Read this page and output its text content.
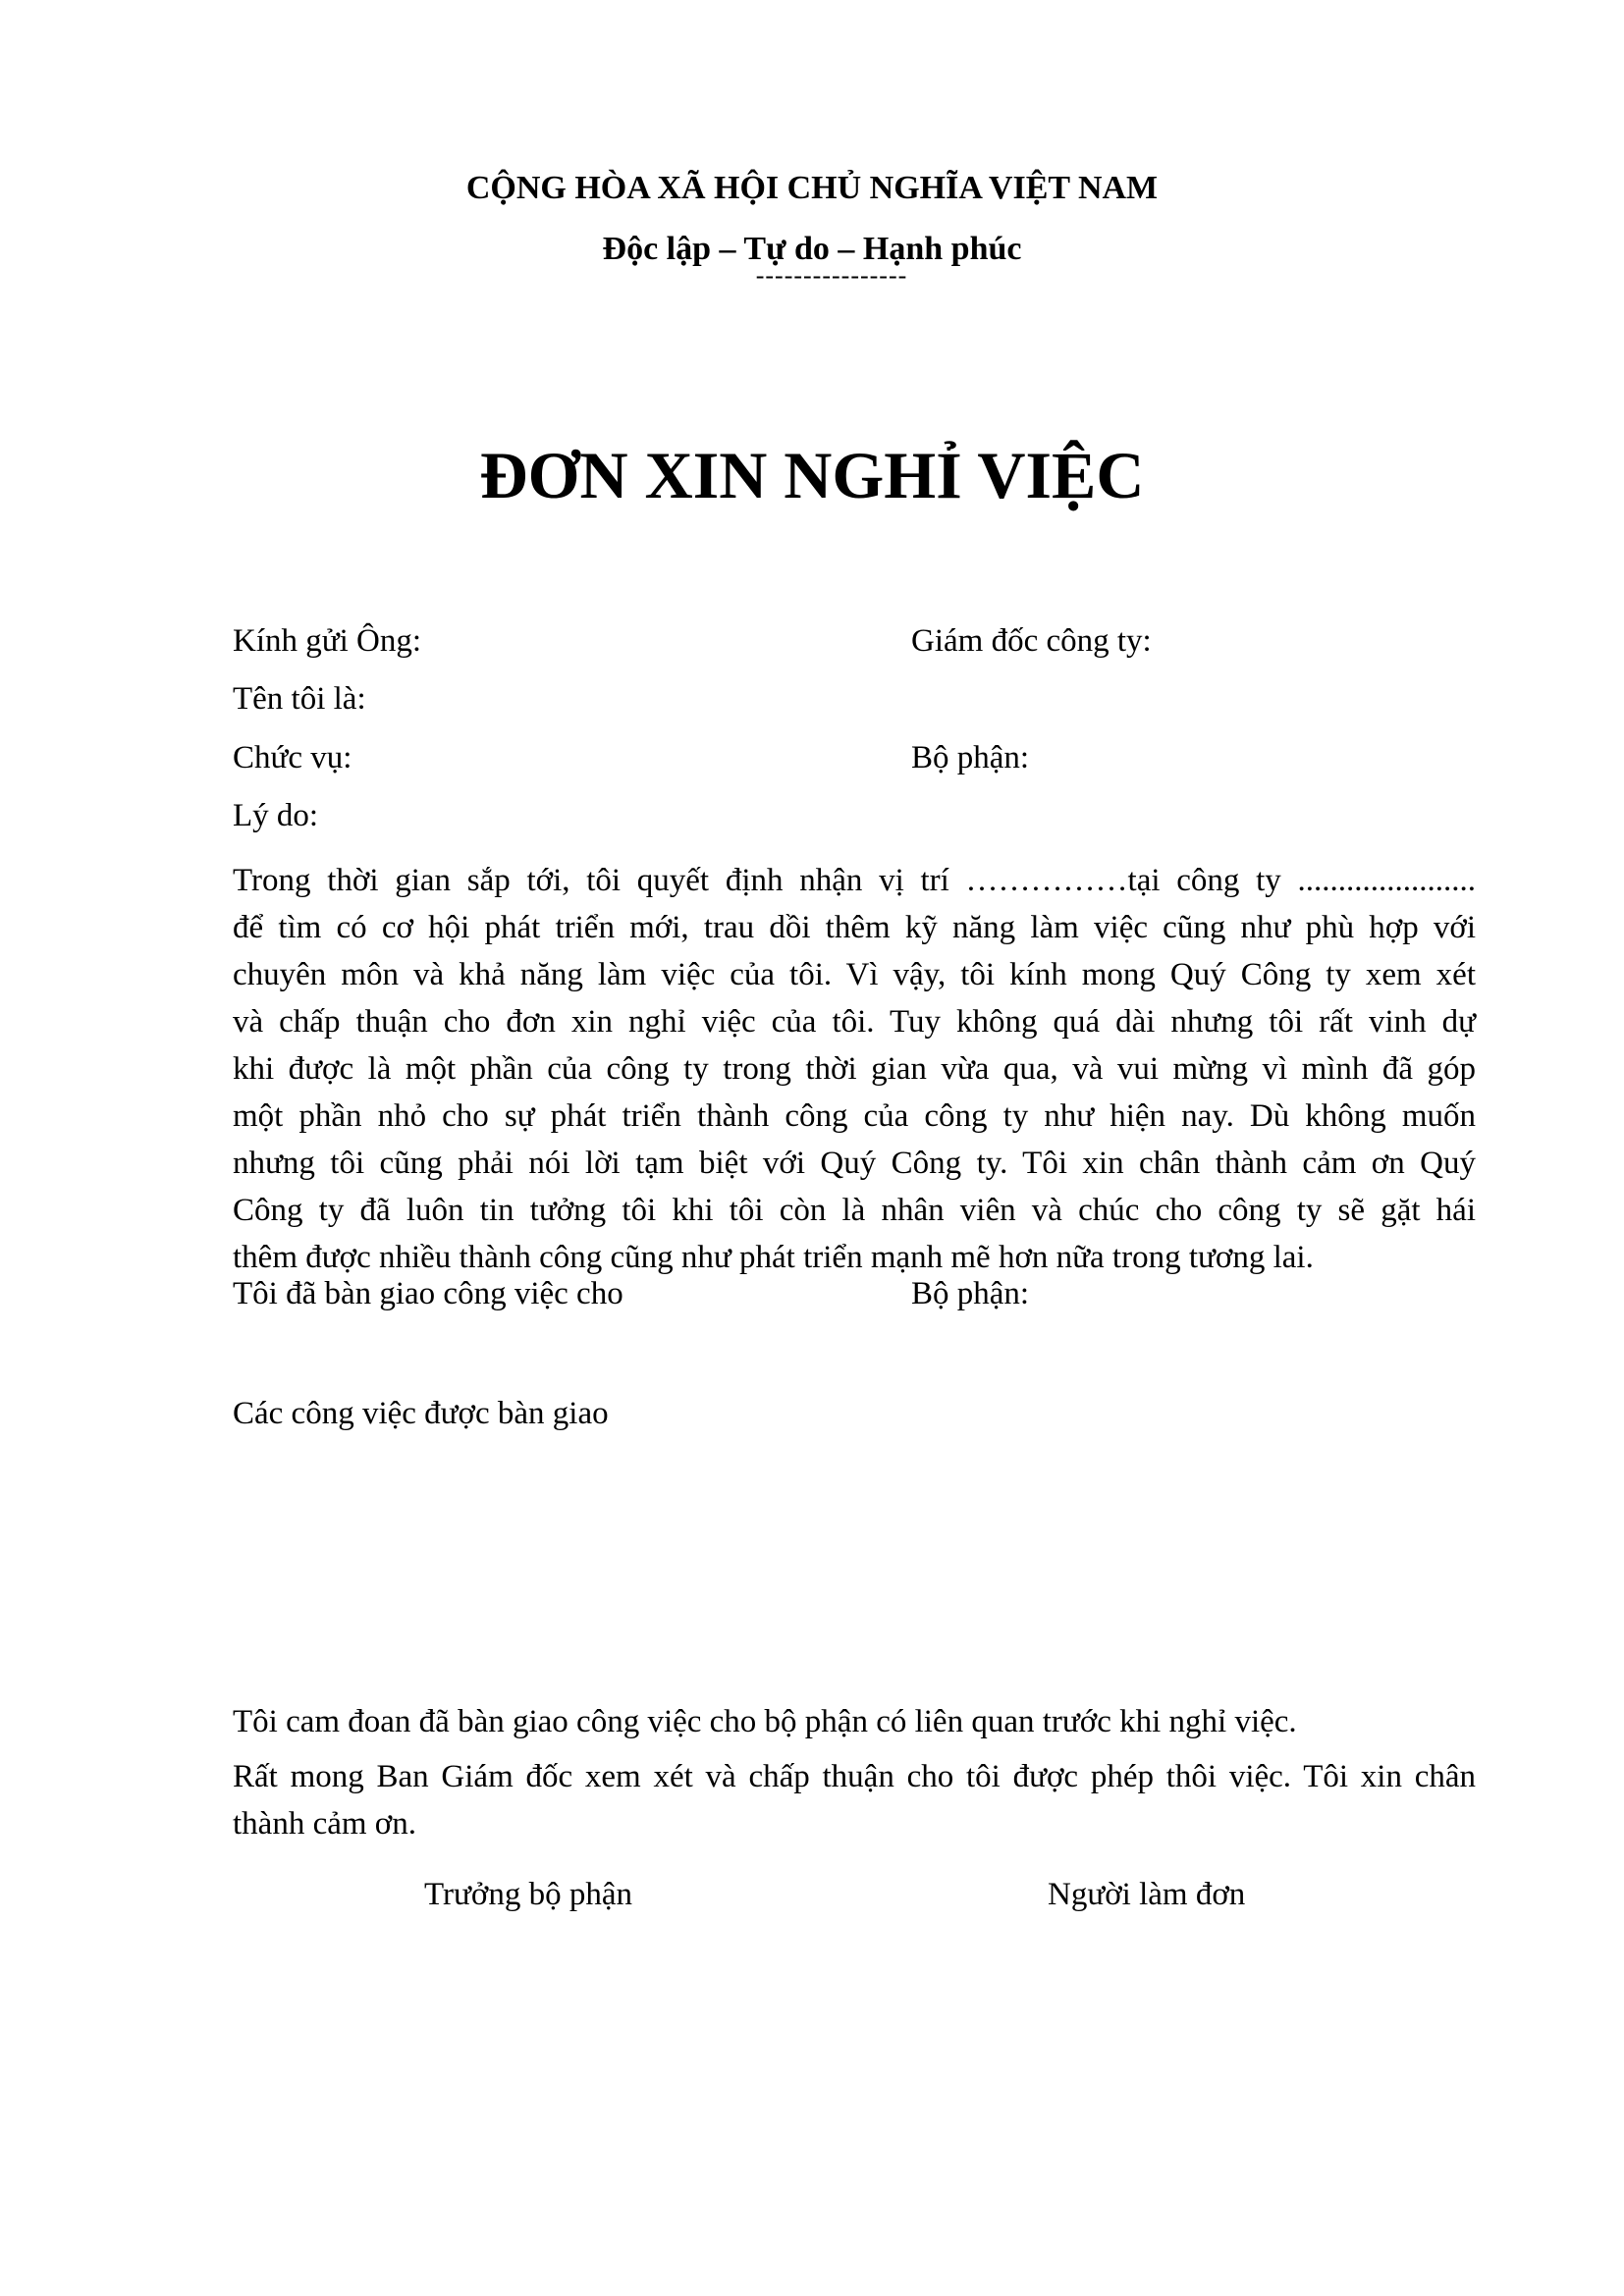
CỘNG HÒA XÃ HỘI CHỦ NGHĨA VIỆT NAM
Độc lập – Tự do – Hạnh phúc
----------------
ĐƠN XIN NGHỈ VIỆC
Kính gửi Ông:	Giám đốc công ty:
Tên tôi là:
Chức vụ:	Bộ phận:
Lý do:
Trong thời gian sắp tới, tôi quyết định nhận vị trí ……………tại công ty ......................
để tìm có cơ hội phát triển mới, trau dồi thêm kỹ năng làm việc cũng như phù hợp với
chuyên môn và khả năng làm việc của tôi. Vì vậy, tôi kính mong Quý Công ty xem xét
và chấp thuận cho đơn xin nghỉ việc của tôi. Tuy không quá dài nhưng tôi rất vinh dự
khi được là một phần của công ty trong thời gian vừa qua, và vui mừng vì mình đã góp
một phần nhỏ cho sự phát triển thành công của công ty như hiện nay. Dù không muốn
nhưng tôi cũng phải nói lời tạm biệt với Quý Công ty. Tôi xin chân thành cảm ơn Quý
Công ty đã luôn tin tưởng tôi khi tôi còn là nhân viên và chúc cho công ty sẽ gặt hái
thêm được nhiều thành công cũng như phát triển mạnh mẽ hơn nữa trong tương lai.
Tôi đã bàn giao công việc cho	Bộ phận:
Các công việc được bàn giao
Tôi cam đoan đã bàn giao công việc cho bộ phận có liên quan trước khi nghỉ việc.
Rất mong Ban Giám đốc xem xét và chấp thuận cho tôi được phép thôi việc. Tôi xin chân thành cảm ơn.
Trưởng bộ phận	Người làm đơn
